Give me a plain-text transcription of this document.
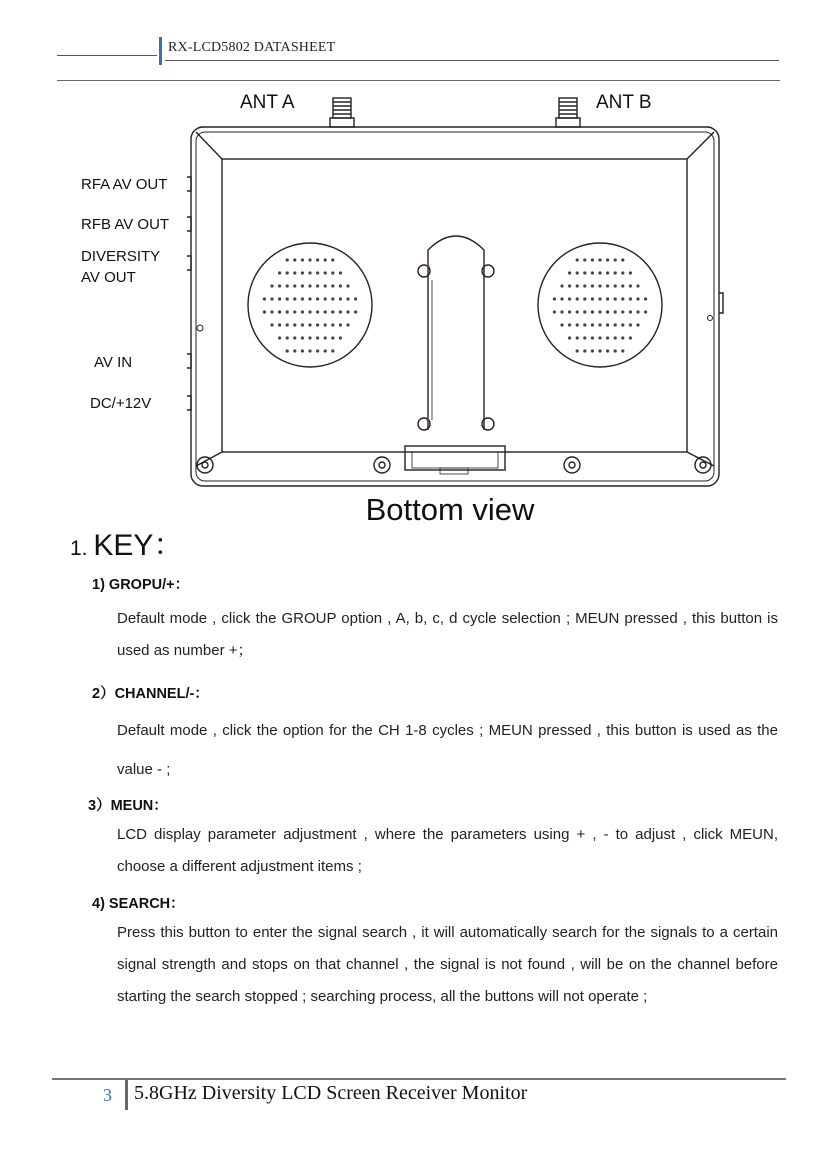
RX-LCD5802 DATASHEET
ANT A	ANT B
RFA AV OUT
RFB AV OUT
DIVERSITY
AV OUT
AV IN
DC/+12V
Bottom view
1. KEY：
1) GROPU/+：
Default mode , click the GROUP option , A, b, c, d cycle selection ; MEUN pressed , this button is used as number +；
2）CHANNEL/-：
Default mode , click the option for the CH 1-8 cycles ; MEUN pressed , this button is used as the value - ;
3）MEUN：
LCD display parameter adjustment , where the parameters using + , - to adjust , click MEUN, choose a different adjustment items ;
4) SEARCH：
Press this button to enter the signal search , it will automatically search for the signals to a certain signal strength and stops on that channel , the signal is not found , will be on the channel before starting the search stopped ; searching process, all the buttons will not operate ;
3 5.8GHz Diversity LCD Screen Receiver Monitor
